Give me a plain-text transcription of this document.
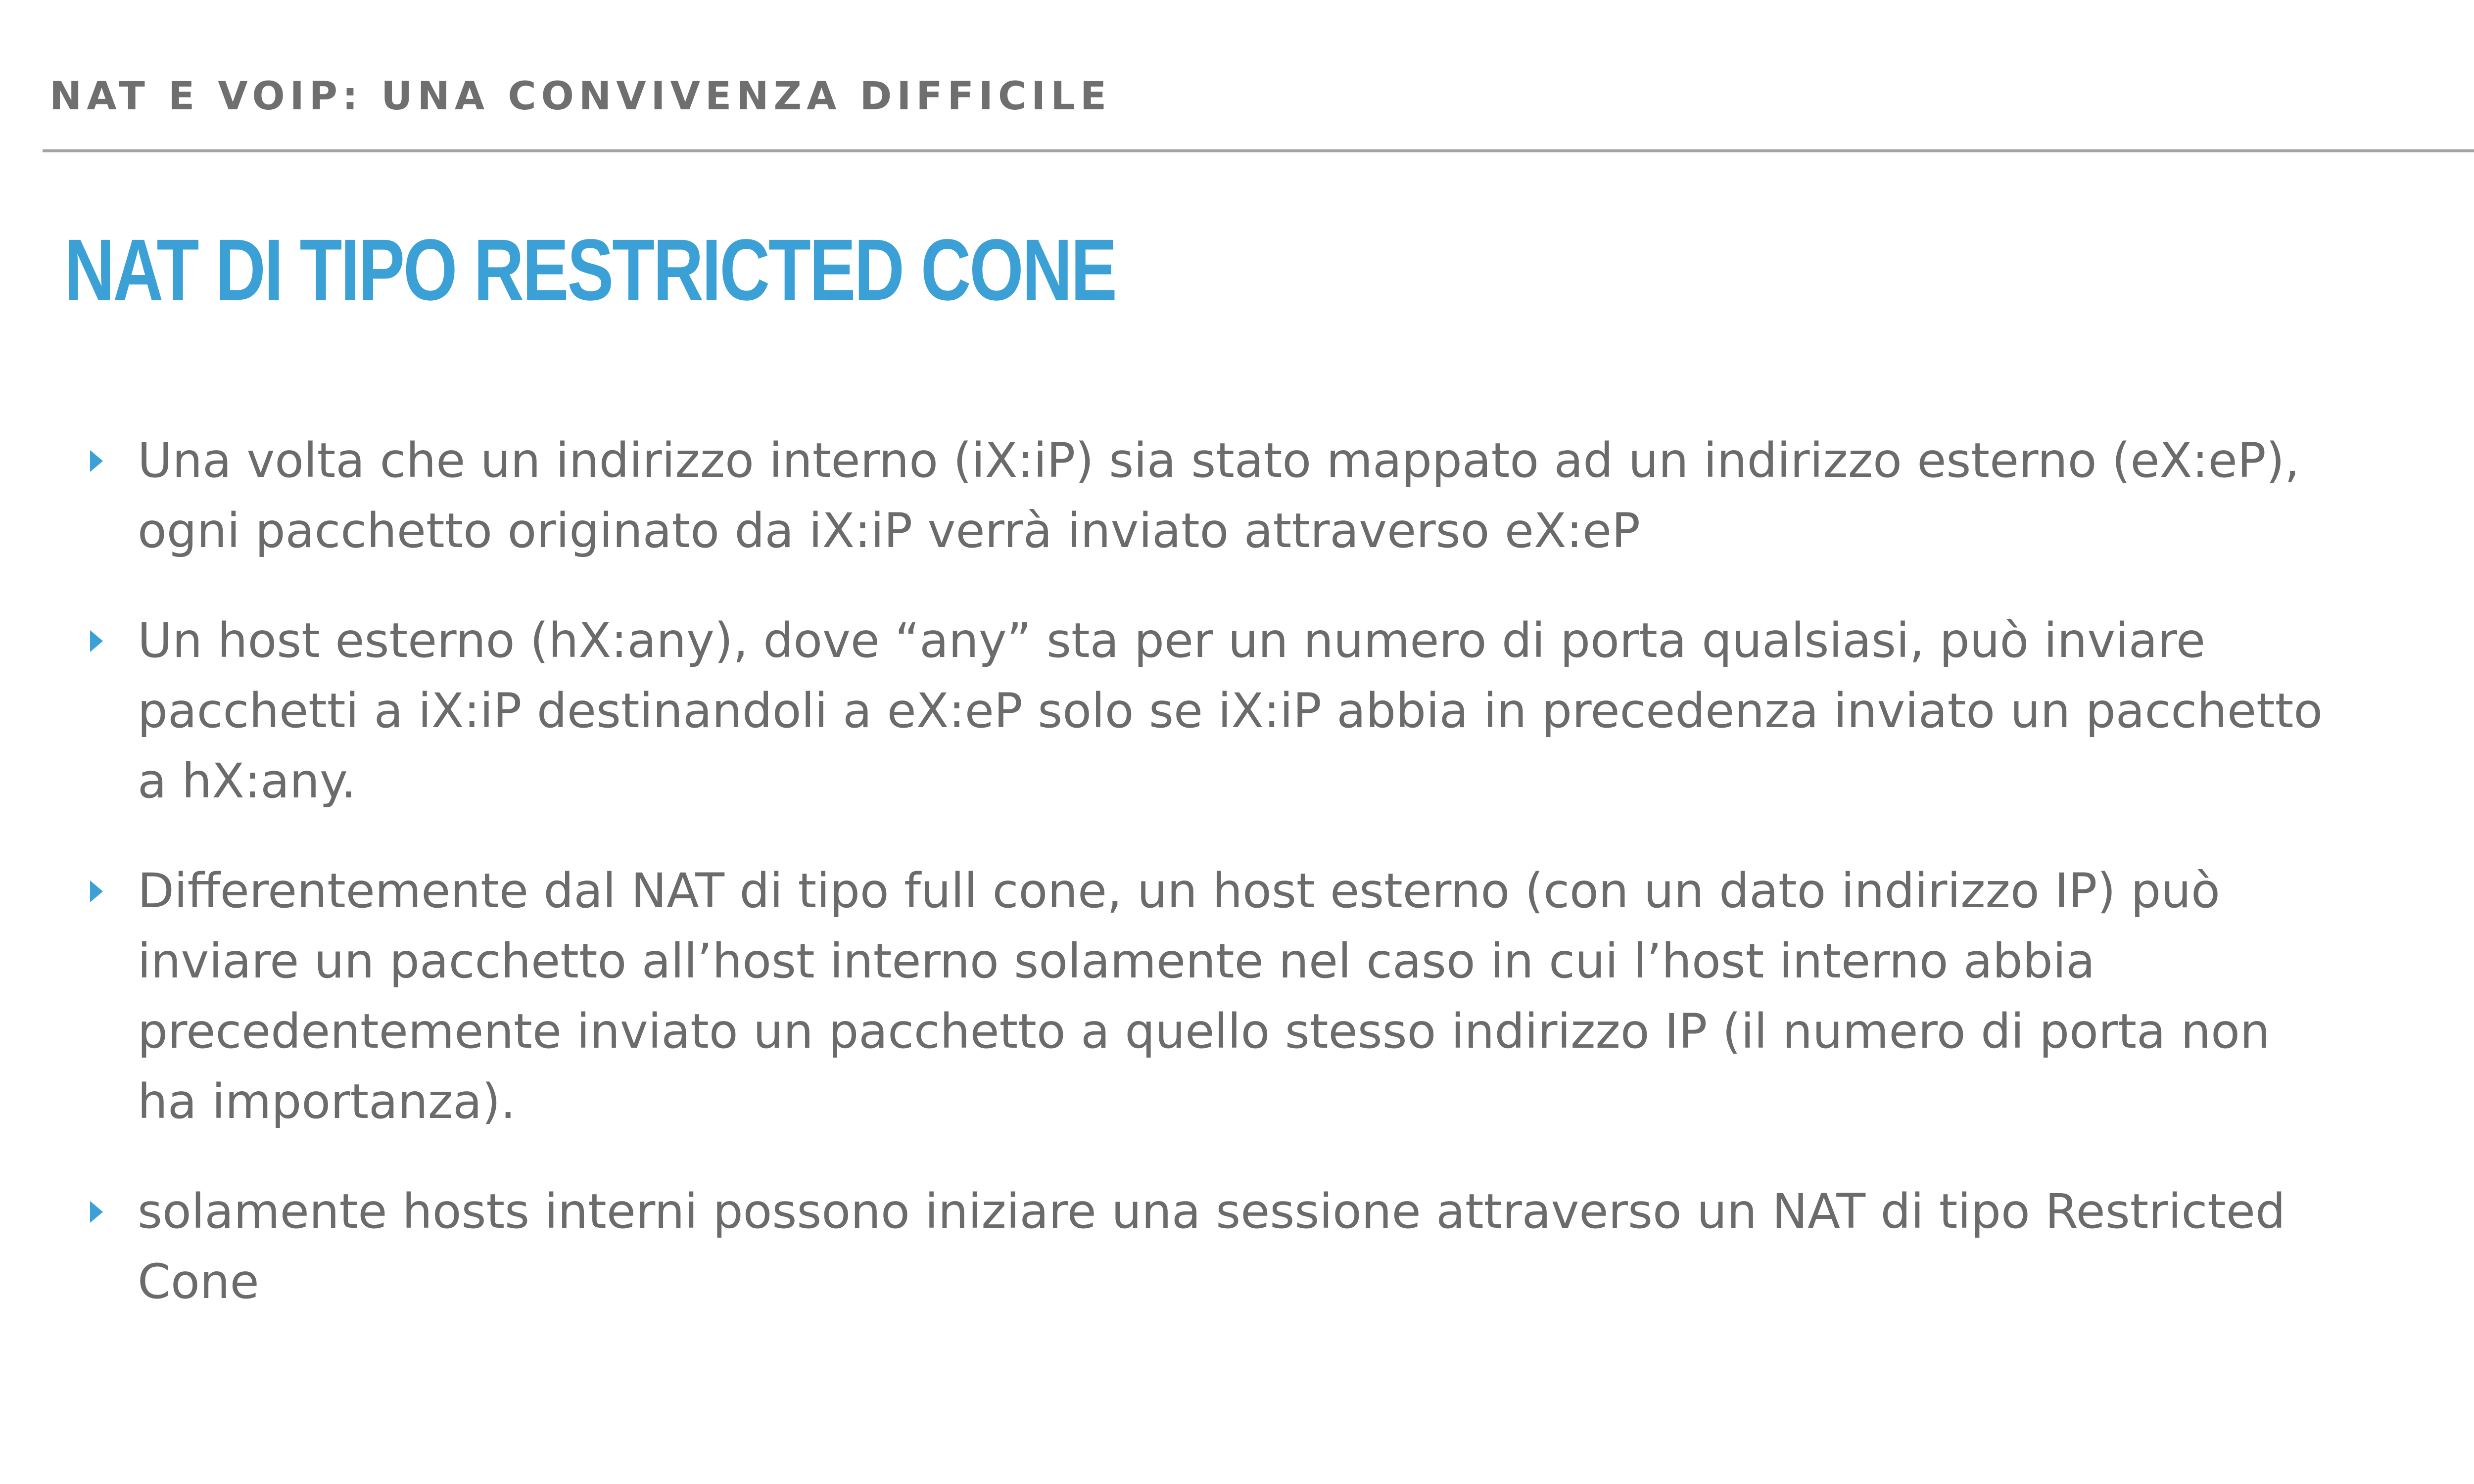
NAT E VOIP: UNA CONVIVENZA DIFFICILE
NAT DI TIPO RESTRICTED CONE
Una volta che un indirizzo interno (iX:iP) sia stato mappato ad un indirizzo esterno (eX:eP), ogni pacchetto originato da iX:iP verrà inviato attraverso eX:eP
Un host esterno (hX:any), dove “any” sta per un numero di porta qualsiasi, può inviare pacchetti a iX:iP destinandoli a eX:eP solo se iX:iP abbia in precedenza inviato un pacchetto a hX:any.
Differentemente dal NAT di tipo full cone, un host esterno (con un dato indirizzo IP) può inviare un pacchetto all’host interno solamente nel caso in cui l’host interno abbia precedentemente inviato un pacchetto a quello stesso indirizzo IP (il numero di porta non ha importanza).
solamente hosts interni possono iniziare una sessione attraverso un NAT di tipo Restricted Cone
